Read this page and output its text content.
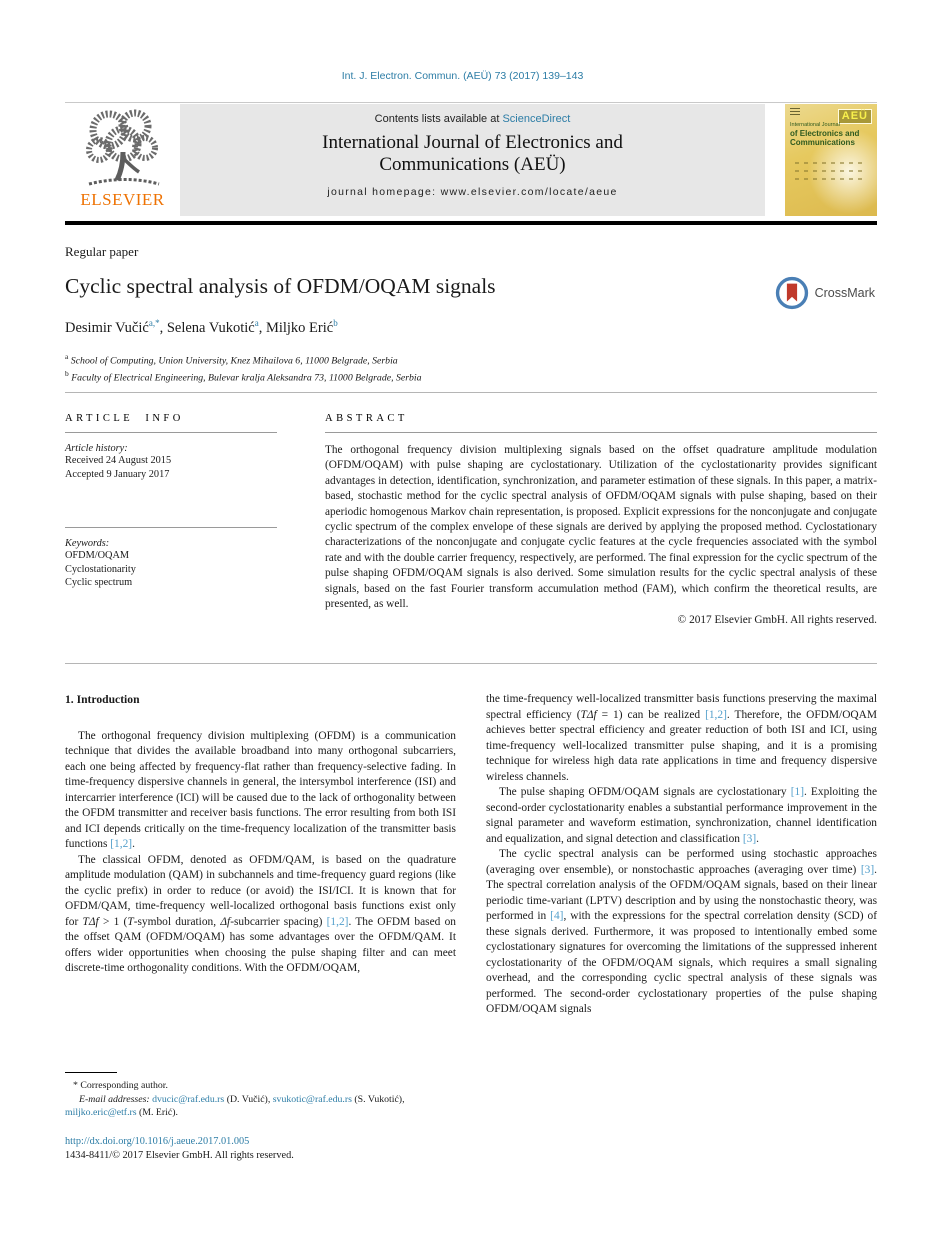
Int. J. Electron. Commun. (AEÜ) 73 (2017) 139–143
ELSEVIER
Contents lists available at ScienceDirect
International Journal of Electronics and
Communications (AEÜ)
journal homepage: www.elsevier.com/locate/aeue
AEÜ
International Journal
of Electronics and
Communications
Regular paper
Cyclic spectral analysis of OFDM/OQAM signals
Desimir Vučić$^{a,*}$, Selena Vukotić$^a$, Miljko Erić$^b$
$^a$ School of Computing, Union University, Knez Mihailova 6, 11000 Belgrade, Serbia
$^b$ Faculty of Electrical Engineering, Bulevar kralja Aleksandra 73, 11000 Belgrade, Serbia
CrossMark
ARTICLE INFO
Article history:
Received 24 August 2015
Accepted 9 January 2017
Keywords:
OFDM/OQAM
Cyclostationarity
Cyclic spectrum
ABSTRACT
The orthogonal frequency division multiplexing signals based on the offset quadrature amplitude modulation (OFDM/OQAM) with pulse shaping are cyclostationary. Utilization of the cyclostationarity provides significant advantages in detection, identification, synchronization, and parameter estimation of these signals. In this paper, a matrix-based, stochastic method for the cyclic spectral analysis of OFDM/OQAM signals with pulse shaping, based on their aperiodic homogenous Markov chain representation, is proposed. Explicit expressions for the nonconjugate and conjugate cyclic spectrum of the complex envelope of these signals are derived by applying the proposed method. Cyclostationary characterizations of the nonconjugate and conjugate cyclic features at the cycle frequencies associated with the symbol rate and with the double carrier frequency, respectively, are performed. The final expression for the cyclic spectrum of the pulse shaping OFDM/OQAM signals is also derived. Some simulation results for the cyclic spectral analysis of these signals, based on the fast Fourier transform accumulation method (FAM), which confirm the theoretical results, are presented, as well.
© 2017 Elsevier GmbH. All rights reserved.
1. Introduction

The orthogonal frequency division multiplexing (OFDM) is a communication technique that divides the available broadband into many orthogonal subcarriers, each one being affected by frequency-flat rather than frequency-selective fading. In time-frequency dispersive channels in general, the intersymbol interference (ISI) and intercarrier interference (ICI) will be caused due to the lack of orthogonality between the OFDM transmitter and receiver basis functions. The error resulting from both ISI and ICI depends critically on the time-frequency localization of the transmitter basis functions [1,2].

The classical OFDM, denoted as OFDM/QAM, is based on the quadrature amplitude modulation (QAM) in subchannels and time-frequency guard regions (like the cyclic prefix) in order to reduce (or avoid) the ISI/ICI. It is known that for OFDM/QAM, time-frequency well-localized orthogonal basis functions exist only for TΔf > 1 (T-symbol duration, Δf-subcarrier spacing) [1,2]. The OFDM based on the offset QAM (OFDM/OQAM) has some advantages over the OFDM/QAM. It offers wider opportunities when choosing the pulse shaping filter and can meet discrete-time orthogonality conditions. With the OFDM/OQAM,

the time-frequency well-localized transmitter basis functions preserving the maximal spectral efficiency (TΔf = 1) can be realized [1,2]. Therefore, the OFDM/OQAM achieves better spectral efficiency and greater reduction of both ISI and ICI, using time-frequency well-localized transmitter pulse shaping, and it is a promising technique for wireless high data rate applications in time and frequency dispersive wireless channels.

The pulse shaping OFDM/OQAM signals are cyclostationary [1]. Exploiting the second-order cyclostationarity enables a substantial performance improvement in the signal parameter and waveform estimation, synchronization, channel identification and equalization, and signal detection and classification [3].

The cyclic spectral analysis can be performed using stochastic approaches (averaging over ensemble), or nonstochastic approaches (averaging over time) [3]. The spectral correlation analysis of the OFDM/OQAM signals, based on their linear periodic time-variant (LPTV) description and by using the nonstochastic theory, was performed in [4], with the expressions for the spectral correlation density (SCD) of these signals derived. Furthermore, it was proposed to intentionally embed some cyclostationary signatures for overcoming the limitations of the suppressed inherent cyclostationarity of the OFDM/OQAM signals, which requires a small signaling overhead, and the corresponding cyclic spectral analysis of these signals was performed. The second-order cyclostationary properties of the pulse shaping OFDM/OQAM signals

* Corresponding author.
E-mail addresses: dvucic@raf.edu.rs (D. Vučić), svukotic@raf.edu.rs (S. Vukotić), miljko.eric@etf.rs (M. Erić).
http://dx.doi.org/10.1016/j.aeue.2017.01.005
1434-8411/© 2017 Elsevier GmbH. All rights reserved.
